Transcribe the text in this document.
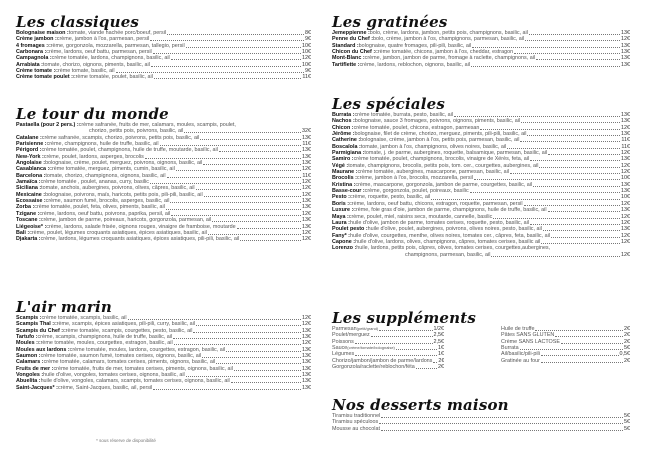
Les classiques
Bolognaise maison : tomate, viande hachée porc/boeuf, persil	8€
Crème jambon : crème, jambon à l'os, parmesan, persil	9€
4 fromages : crème, gorgonzola, mozzarella, parmesan, tallegio, persil	10€
Carbonara : crème, lardons, oeuf battu, parmesan, persil	10€
Campagnola : crème tomatée, lardons, champignons, basilic, ail	12€
Arrabiata : tomate, chorizo, oignons, piments, basilic, ail	10€
Crème tomate : crème tomate, basilic, ail	9€
Crème tomate poulet : crème tomatée, poulet, basilic, ail	11€
Le tour du monde
Pastaella (pour 2 pers.) : crème safranée, fruits de mer, calamars, moules, scampis, poulet,
chorizo, petits pois, poivrons, basilic, ail	32€
Catalane : crème safranée, scampis, chorizo, poivrons, petits pois, basilic, ail	13€
Parisienne : crème, champignons, huile de truffe, basilic, ail	11€
Périgord : crème tomatée, poulet, champignons, huile de truffe, moutarde, basilic, ail	13€
New-York : crème, poulet, lardons, asperges, brocolis	13€
Angolaise : bolognaise, crème, poulet, merguez, poivrons, oignons, basilic, ail	13€
Casablanca : crème tomatée, merguez, piments, cumin, basilic, ail	12€
Barcelona : tomate, chorizo, champignons, oignons, basilic, ail	11€
Jamaïca : crème tomatée , poulet, ananas, curry, basilic	12€
Siciliana : tomate, anchois, aubergines, poivrons, olives, câpres, basilic, ail	12€
Mexicaine : bolognaise, poivrons, maïs, haricots, petits pois, pili-pili, basilic, ail	12€
Ecossaise : crème, saumon fumé, brocolis, asperges, basilic, ail	13€
Zorba : crème tomatée, poulet, feta, olives, piments, basilic, ail	13€
Tzigane : crème, lardons, oeuf battu, poivrons, paprika, persil, ail	12€
Toscane : crème, jambon de parme, poireaux, haricots, gorgonzola, parmesan, ail	13€
Liégeoise* : crème, lardons, salade frisée, oignons rouges, vinaigre de framboise, moutarde	13€
Bali : crème, poulet, légumes croquants asiatiques, épices asiatiques, basilic, ail	12€
Djakarta : crème, lardons, légumes croquants asiatiques, épices asiatiques, pili-pili, basilic, ail	12€
L'air marin
Scampis : crème tomatée, scampis, basilic, ail	12€
Scampis Thaï : crème, scampis, épices asiatiques, pili-pili, curry, basilic, ail	12€
Scampis du Chef : crème tomatée, scampis, courgettes, pesto, basilic, ail	13€
Tartufo : crème, scampis, champignons, huile de truffe, basilic, ail	13€
Moules : crème tomatée, moules, courgettes, estragon, basilic, ail	12€
Moules aux lardons : crème tomatée, moules, lardons, courgettes, estragon, basilic, ail	13€
Saumon : crème tomatée, saumon fumé, tomates cerises, oignons, basilic, ail	13€
Calamars : crème tomatée, calamars, tomates cerises, piments, oignons, basilic, ail	13€
Fruits de mer : crème tomatée, fruits de mer, tomates cerises, piments, oignons, basilic, ail	13€
Vongoles : huile d'olive, vongoles, tomates cerises, oignons, basilic, ail	13€
Abuelita : huile d'olive, vongoles, calamars, scampis, tomates cerises, oignons, basilic, ail	13€
Saint-Jacques* : crème, Saint-Jacques, basilic, ail, persil	13€
* sous réserve de disponibilité
Les gratinées
Jemeppienne : bolo, crème, lardons, jambon, petits pois, champignons, basilic, ail	13€
Penne du Chef : bolo, crème, jambon à l'os, champignons, parmesan, basilic, ail	12€
Standard : bolognaise, quatre fromages, pili-pili, basilic, ail	13€
Chicon du Chef : crème tomatée, chicons, jambon à l'os, cheddar, estragon	13€
Mont-Blanc : crème, jambon, jambon de parme, fromage à raclette, champignons, ail	13€
Tartiflette : crème, lardons, reblochon, oignons, basilic, ail	13€
Les spéciales
Burrata : crème tomatée, burrata, pesto, basilic, ail	13€
Nachos : bolognaise, sauce 3 fromages, poivrons, oignons, piments, basilic, ail	13€
Chicon : crème tomatée, poulet, chicons, estragon, parmesan	12€
Jérôme : bolognaise, filet de crème, chorizo, merguez, piments, pili-pili, basilic, ail	13€
Catherine : bolognaise, crème, jambon à l'os, petits pois, parmesan, basilic, ail	11€
Boscaïola : tomate, jambon à l'os, champignons, olives noires, basilic, ail	11€
Parmigiana : tomate, j. de parme, aubergines, roquette, balsamique, parmesan, basilic, ail	12€
Samiro : crème tomatée, poulet, champignons, brocolis, vinaigre de Xérès, feta, ail	13€
Végé : tomate, champignons, brocolis, petits pois, tom. cer., courgettes, aubergines, ail	12€
Maurane : crème tomatée, aubergines, mascarpone, parmesan, basilic, ail	12€
Brocolis : crème, jambon à l'os, brocolis, mozzarella, persil	10€
Kristina : crème, mascarpone, gorgonzola, jambon de parme, courgettes, basilic, ail	13€
Basse-cour : crème, gorgonzola, poulet, poireaux, basilic	13€
Pesto : crème, roquette, pesto, basilic, ail	10€
Boris : crème, lardons, oeuf battu, chicons, estragon, roquette, parmesan, persil	12€
Luxure : crème, foie gras d'oie, jambon de parme, champignons, huile de truffe, basilic, ail	13€
Maya : crème, poulet, miel, raisins secs, moutarde, cannelle, basilic	12€
Laura : huile d'olive, jambon de parme, tomates cerises, roquette, pesto, basilic, ail	12€
Poulet pesto : huile d'olive, poulet, aubergines, poivrons, olives noires, pesto, basilic, ail	13€
Fany* : huile d'olive, courgettes, menthe, olives noires, tomates cer., câpres, feta, basilic, ail	12€
Capone : huile d'olive, lardons, olives, champignons, câpres, tomates cerises, basilic ail	12€
Lorenzo : huile, lardons, petits pois, câpres, olives, tomates cerises, courgettes,aubergines,
champignons, parmesan, basilic, ail	12€
Les suppléments
Parmesan (petit/grand)	1/2€
Poulet/merguez	2,5€
Poissons	2,5€
Sauce (crème/tomate/bolognaise)	1€
Légumes	1€
Chorizo/jambon/jambon de parme/lardons 2€
Gorgonzola/raclette/reblochon/féta	2€
Huile de truffe	2€
Pâtes SANS GLUTEN	2€
Crème SANS LACTOSE	2€
Burrata	5€
Ail/basilic/pili-pili	0,5€
Gratinée au four	2€
Nos desserts maison
Tiramisu traditionnel	5€
Tiramisu spéculoos	5€
Mousse au chocolat	5€
